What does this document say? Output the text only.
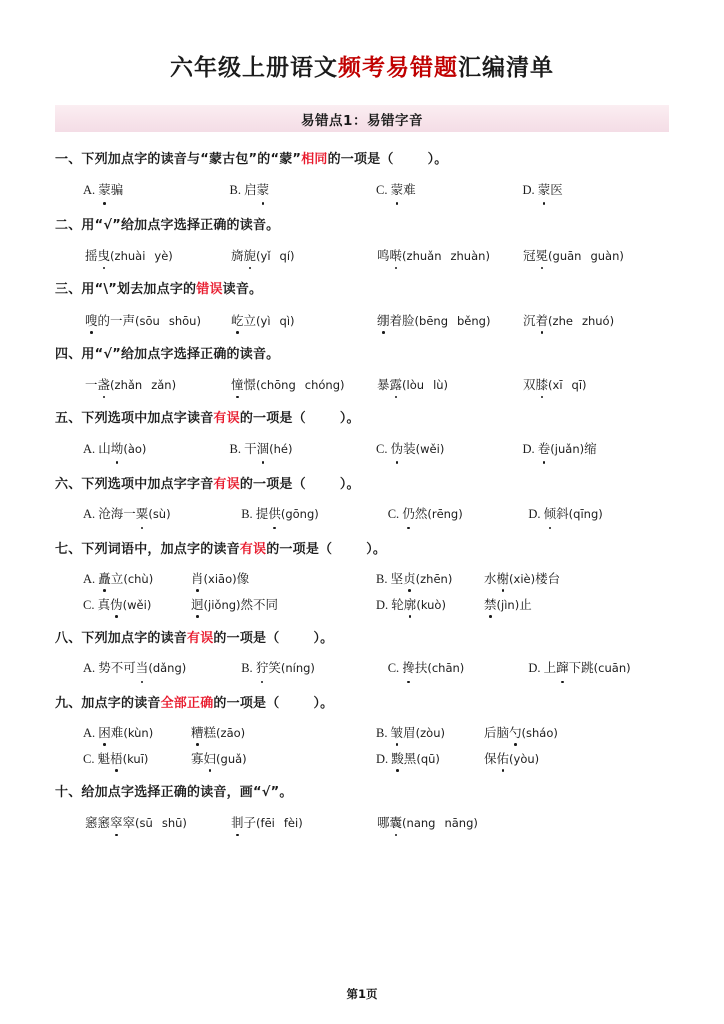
六年级上册语文频考易错题汇编清单
易错点1：易错字音
一、下列加点字的读音与“蒙古包”的“蒙”相同的一项是（	）。
A. 蒙骗	B. 启蒙	C. 蒙难	D. 蒙医
二、用“√”给加点字选择正确的读音。
摇曳(zhuài yè)	旖旎(yǐ qí)	鸣啭(zhuǎn zhuàn)	冠冕(guān guàn)
三、用“\”划去加点字的错误读音。
嗖的一声(sōu shōu)	屹立(yì qì)	绷着脸(bēng běng)	沉着(zhe zhuó)
四、用“√”给加点字选择正确的读音。
一盏(zhǎn zǎn)	憧憬(chōng chóng)	暴露(lòu lù)	双膝(xī qī)
五、下列选项中加点字读音有误的一项是（	）。
A. 山坳(ào)	B. 干涸(hé)	C. 伪装(wěi)	D. 卷(juǎn)缩
六、下列选项中加点字字音有误的一项是（	）。
A. 沧海一粟(sù)	B. 提供(gōng)	C. 仍然(rēng)	D. 倾斜(qīng)
七、下列词语中，加点字的读音有误的一项是（	）。
A. 矗立(chù)	肖(xiāo)像	B. 坚贞(zhēn)	水榭(xiè)楼台
C. 真伪(wěi)	迥(jiǒng)然不同	D. 轮廓(kuò)	禁(jìn)止
八、下列加点字的读音有误的一项是（	）。
A. 势不可当(dǎng)	B. 狞笑(níng)	C. 搀扶(chān)	D. 上蹿下跳(cuān)
九、加点字的读音全部正确的一项是（	）。
A. 困难(kùn)	糟糕(zāo)	B. 皱眉(zòu)	后脑勺(sháo)
C. 魁梧(kuī)	寡妇(guǎ)	D. 黢黑(qū)	保佑(yòu)
十、给加点字选择正确的读音，画“√”。
窸窸窣窣(sū shū)	剕子(fēi fèi)	哪囊(nang nāng)
第1页
